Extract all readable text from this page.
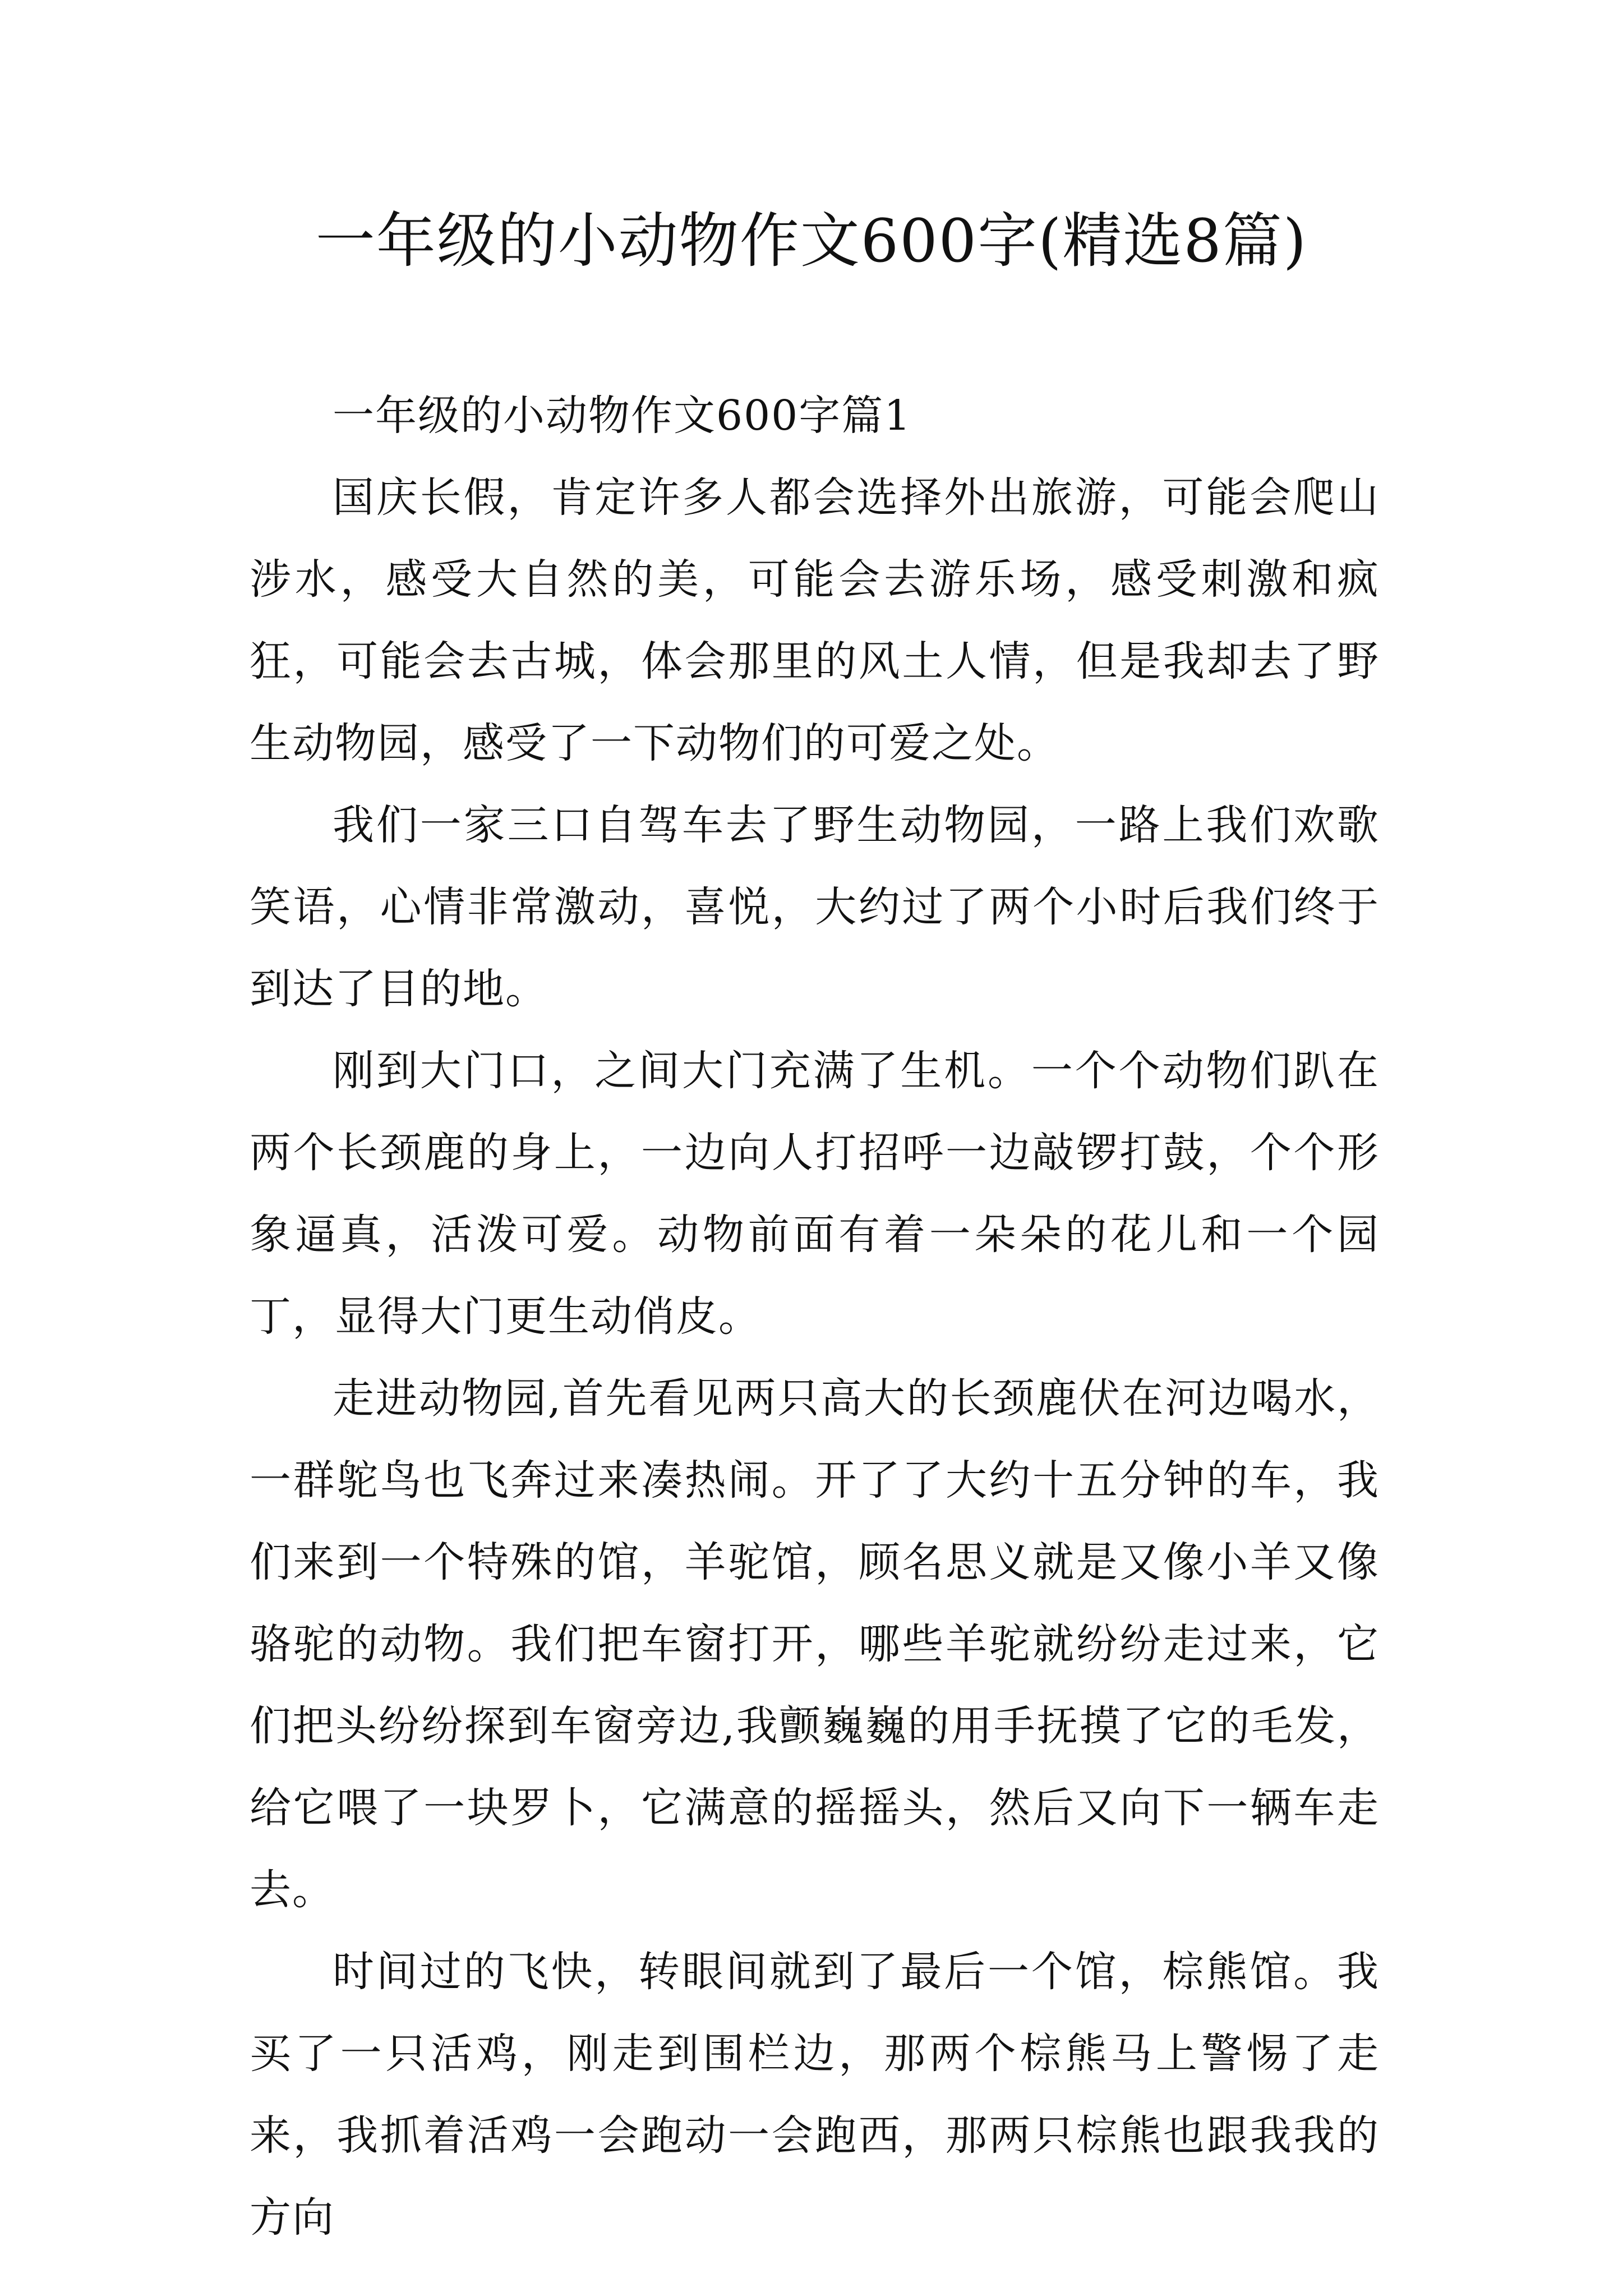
一年级的小动物作文600字(精选8篇)
一年级的小动物作文600字篇1

国庆长假，肯定许多人都会选择外出旅游，可能会爬山涉水，感受大自然的美，可能会去游乐场，感受刺激和疯狂，可能会去古城，体会那里的风土人情，但是我却去了野生动物园，感受了一下动物们的可爱之处。

我们一家三口自驾车去了野生动物园，一路上我们欢歌笑语，心情非常激动，喜悦，大约过了两个小时后我们终于到达了目的地。

刚到大门口，之间大门充满了生机。一个个动物们趴在两个长颈鹿的身上，一边向人打招呼一边敲锣打鼓，个个形象逼真，活泼可爱。动物前面有着一朵朵的花儿和一个园丁，显得大门更生动俏皮。

走进动物园,首先看见两只高大的长颈鹿伏在河边喝水，一群鸵鸟也飞奔过来凑热闹。开了了大约十五分钟的车，我们来到一个特殊的馆，羊驼馆，顾名思义就是又像小羊又像骆驼的动物。我们把车窗打开，哪些羊驼就纷纷走过来，它们把头纷纷探到车窗旁边,我颤巍巍的用手抚摸了它的毛发，给它喂了一块罗卜，它满意的摇摇头，然后又向下一辆车走去。

时间过的飞快，转眼间就到了最后一个馆，棕熊馆。我买了一只活鸡，刚走到围栏边，那两个棕熊马上警惕了走来，我抓着活鸡一会跑动一会跑西，那两只棕熊也跟我我的方向
